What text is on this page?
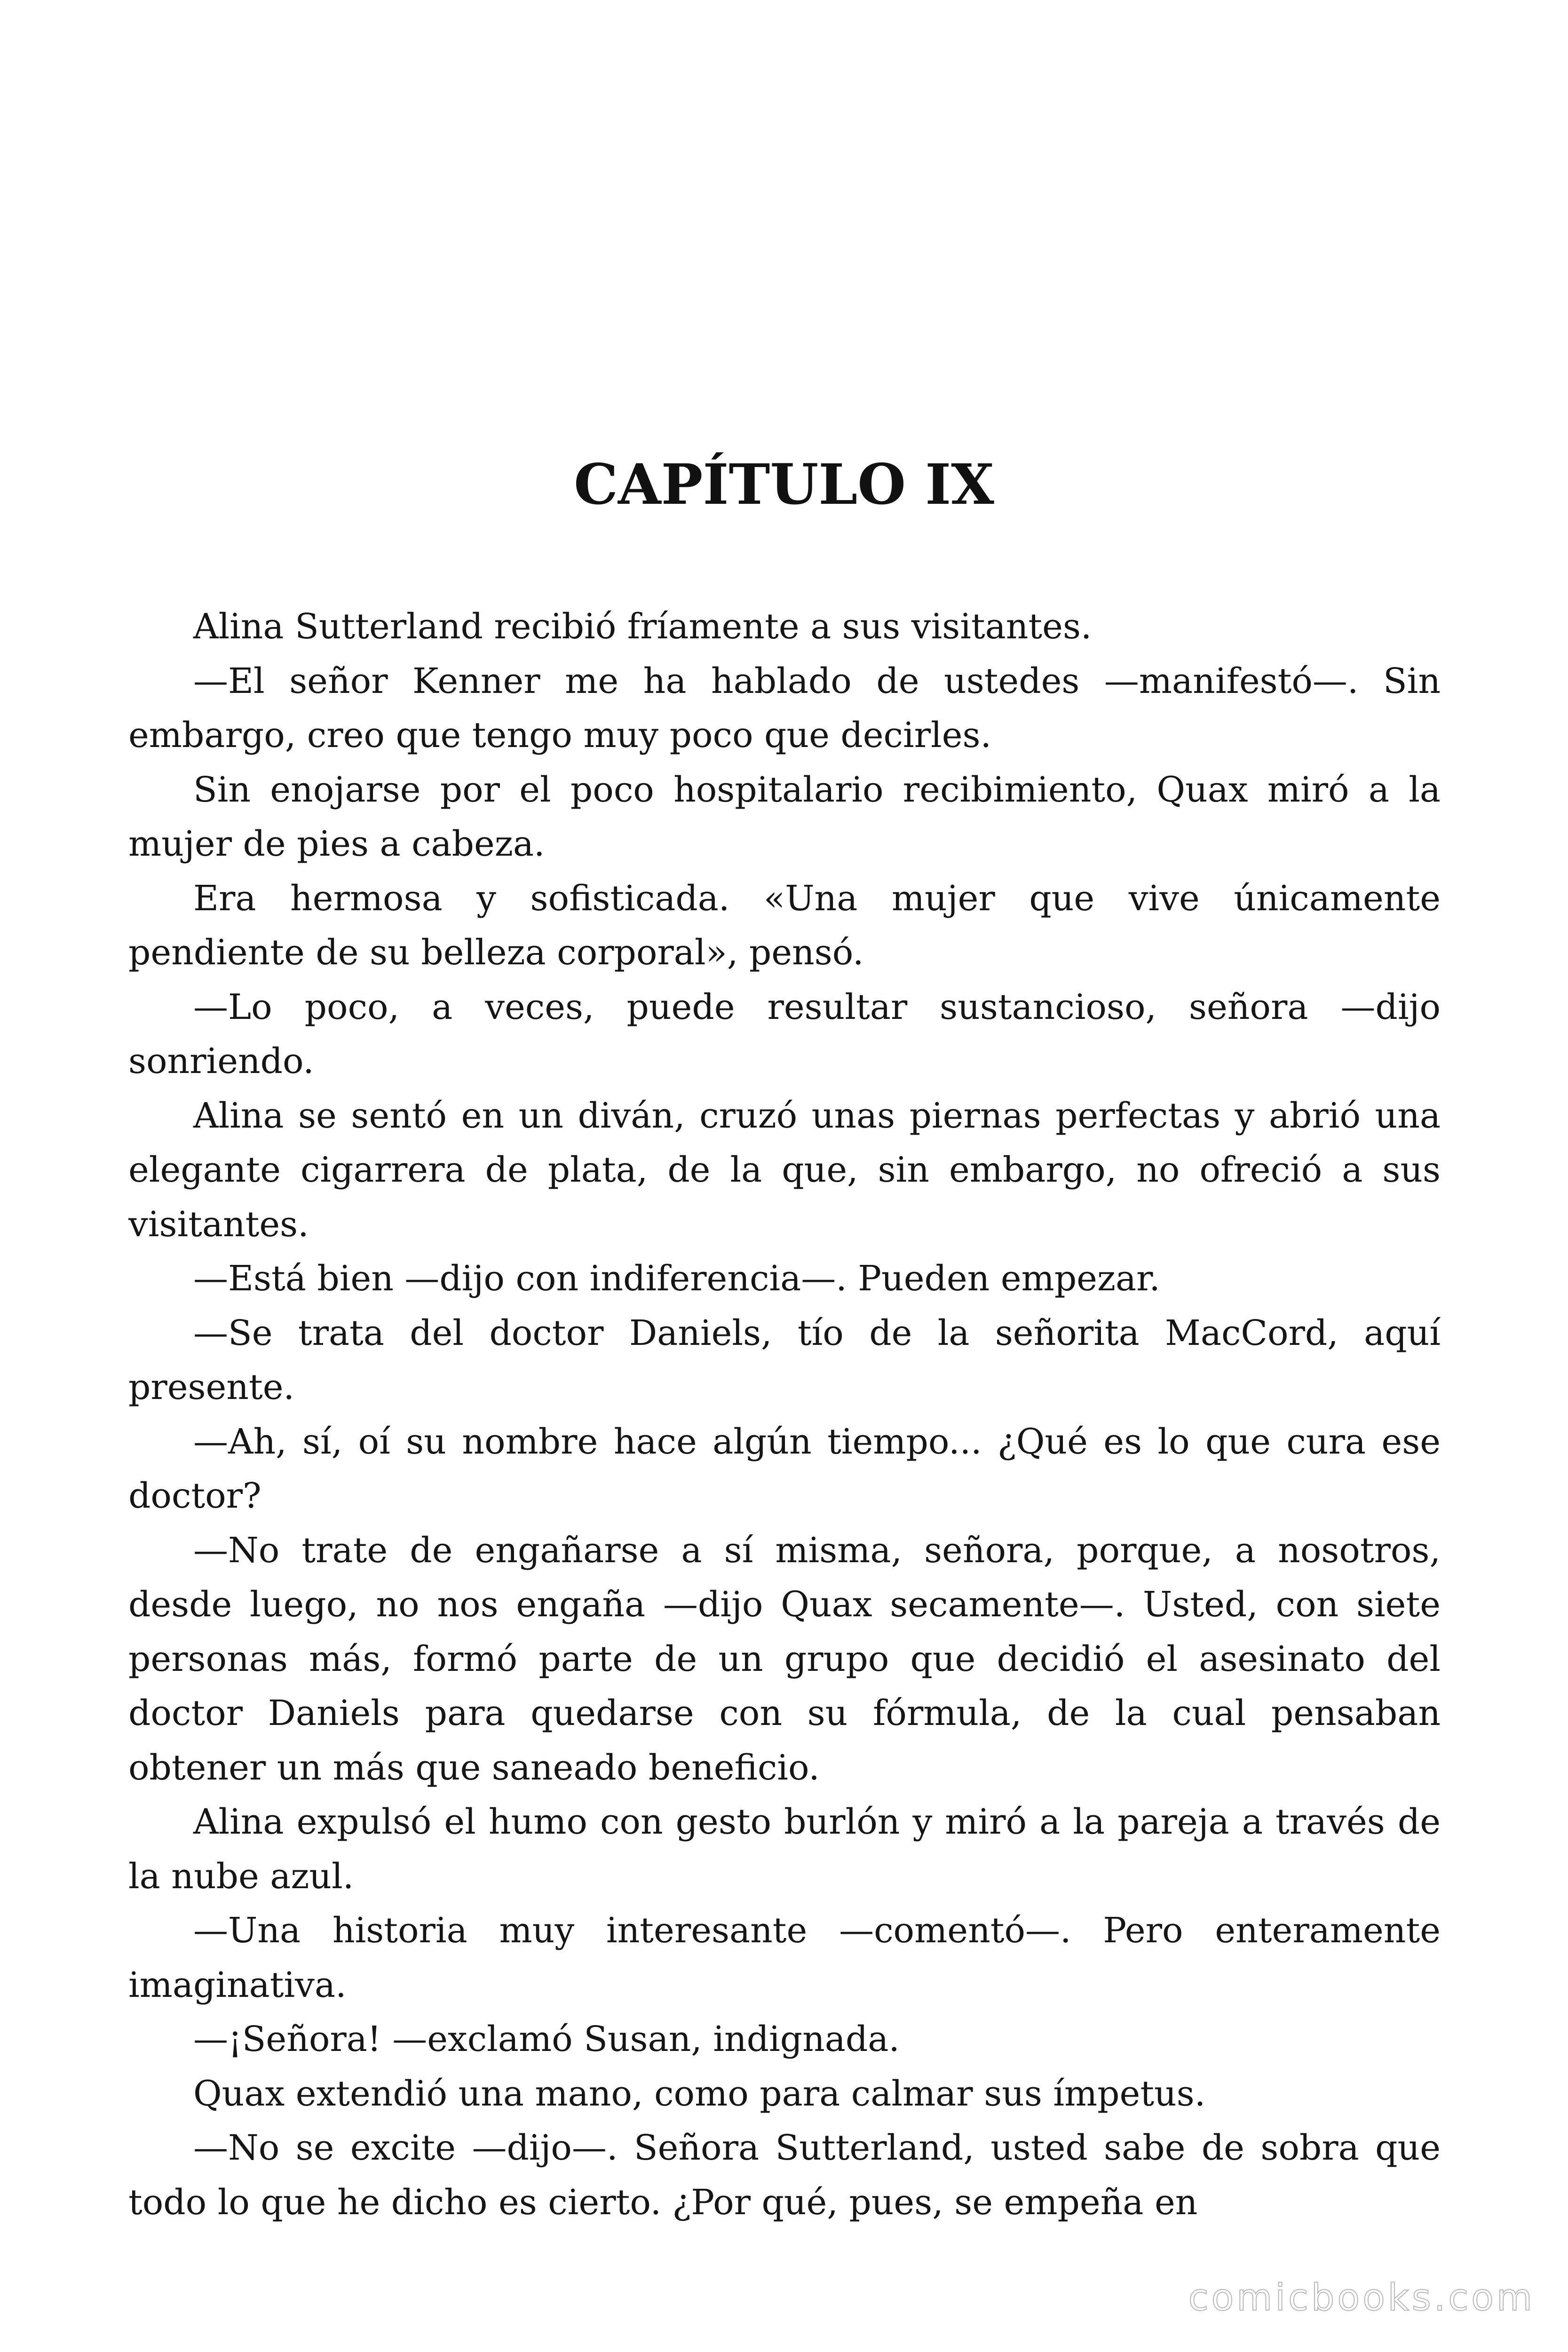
CAPÍTULO IX

Alina Sutterland recibió fríamente a sus visitantes.

—El señor Kenner me ha hablado de ustedes —manifestó—. Sin embargo, creo que tengo muy poco que decirles.

Sin enojarse por el poco hospitalario recibimiento, Quax miró a la mujer de pies a cabeza.

Era hermosa y sofisticada. «Una mujer que vive únicamente pendiente de su belleza corporal», pensó.

—Lo poco, a veces, puede resultar sustancioso, señora —dijo sonriendo.

Alina se sentó en un diván, cruzó unas piernas perfectas y abrió una elegante cigarrera de plata, de la que, sin embargo, no ofreció a sus visitantes.

—Está bien —dijo con indiferencia—. Pueden empezar.

—Se trata del doctor Daniels, tío de la señorita MacCord, aquí presente.

—Ah, sí, oí su nombre hace algún tiempo... ¿Qué es lo que cura ese doctor?

—No trate de engañarse a sí misma, señora, porque, a nosotros, desde luego, no nos engaña —dijo Quax secamente—. Usted, con siete personas más, formó parte de un grupo que decidió el asesinato del doctor Daniels para quedarse con su fórmula, de la cual pensaban obtener un más que saneado beneficio.

Alina expulsó el humo con gesto burlón y miró a la pareja a través de la nube azul.

—Una historia muy interesante —comentó—. Pero enteramente imaginativa.

—¡Señora! —exclamó Susan, indignada.

Quax extendió una mano, como para calmar sus ímpetus.

—No se excite —dijo—. Señora Sutterland, usted sabe de sobra que todo lo que he dicho es cierto. ¿Por qué, pues, se empeña en

comicbooks.com
